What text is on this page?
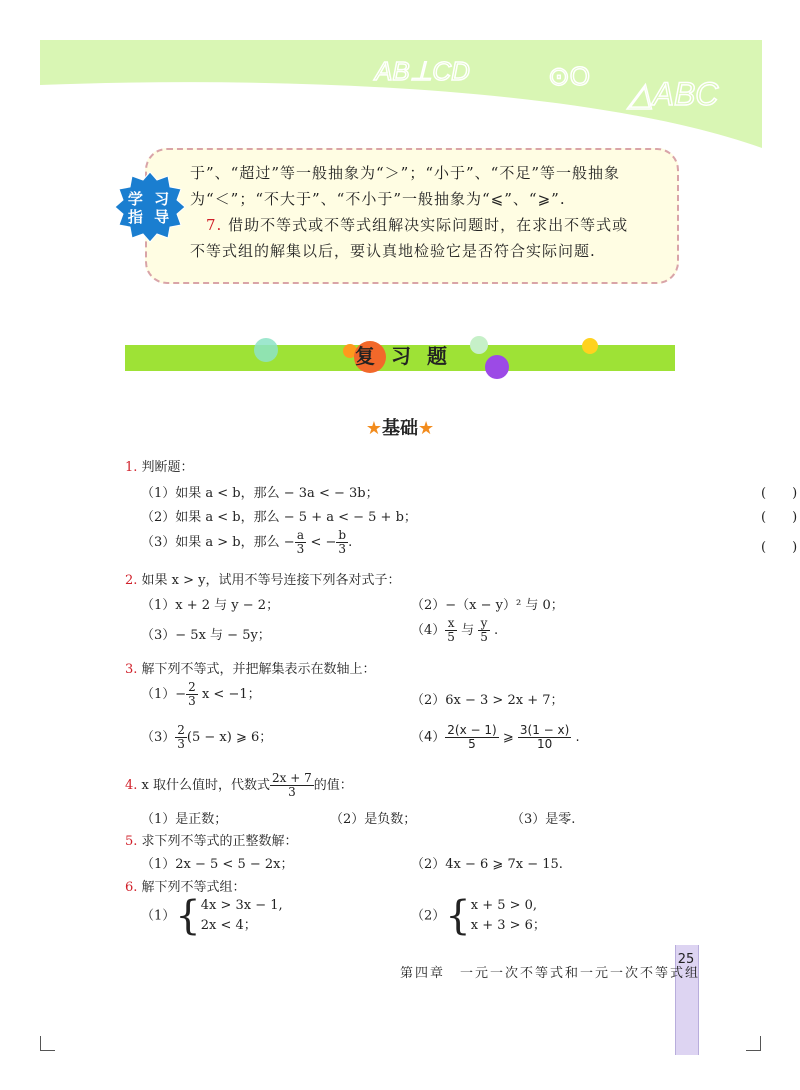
AB⊥CD	⊙O △ABC
学 习
指 导

于”、“超过”等一般抽象为“＞”；“小于”、“不足”等一般抽象

为“＜”；“不大于”、“不小于”一般抽象为“⩽”、“⩾”.

　7. 借助不等式或不等式组解决实际问题时，在求出不等式或

不等式组的解集以后，要认真地检验它是否符合实际问题.

复习题
★基础★
1. 判断题：
（1）如果 a < b，那么 − 3a < − 3b；	(　　)
（2）如果 a < b，那么 − 5 + a < − 5 + b；	(　　)
（3）如果 a > b，那么 − $\frac{a}{3}$ < − $\frac{b}{3}$ .	(　　)
2. 如果 x > y，试用不等号连接下列各对式子：
（1）x + 2 与 y − 2；	（2）−（x − y）² 与 0；
（3）− 5x 与 − 5y；	$(4) \frac{x}{5}$ 与 $\frac{y}{5}$ .
3. 解下列不等式，并把解集表示在数轴上：
$(1)- \frac{2}{3}$ x < −1；	（2）6x − 3 > 2x + 7；
$(3) \frac{2}{3} (5 - x)$ ⩾ 6；	$(4) \frac{2(x - 1)}{5}$ ⩾ $\frac{3(1 - x)}{10}$ .
4. x 取什么值时，代数式 $\frac{2x + 7}{3}$ 的值：
（1）是正数；	（2）是负数；	（3）是零.
5. 求下列不等式的正整数解：
（1）2x − 5 < 5 − 2x；	（2）4x − 6 ⩾ 7x − 15.
6. 解下列不等式组：
（1）{ 4x > 3x − 1,
2x < 4；
（2）{ x + 5 > 0,
x + 3 > 6；
25
第四章　一元一次不等式和一元一次不等式组
